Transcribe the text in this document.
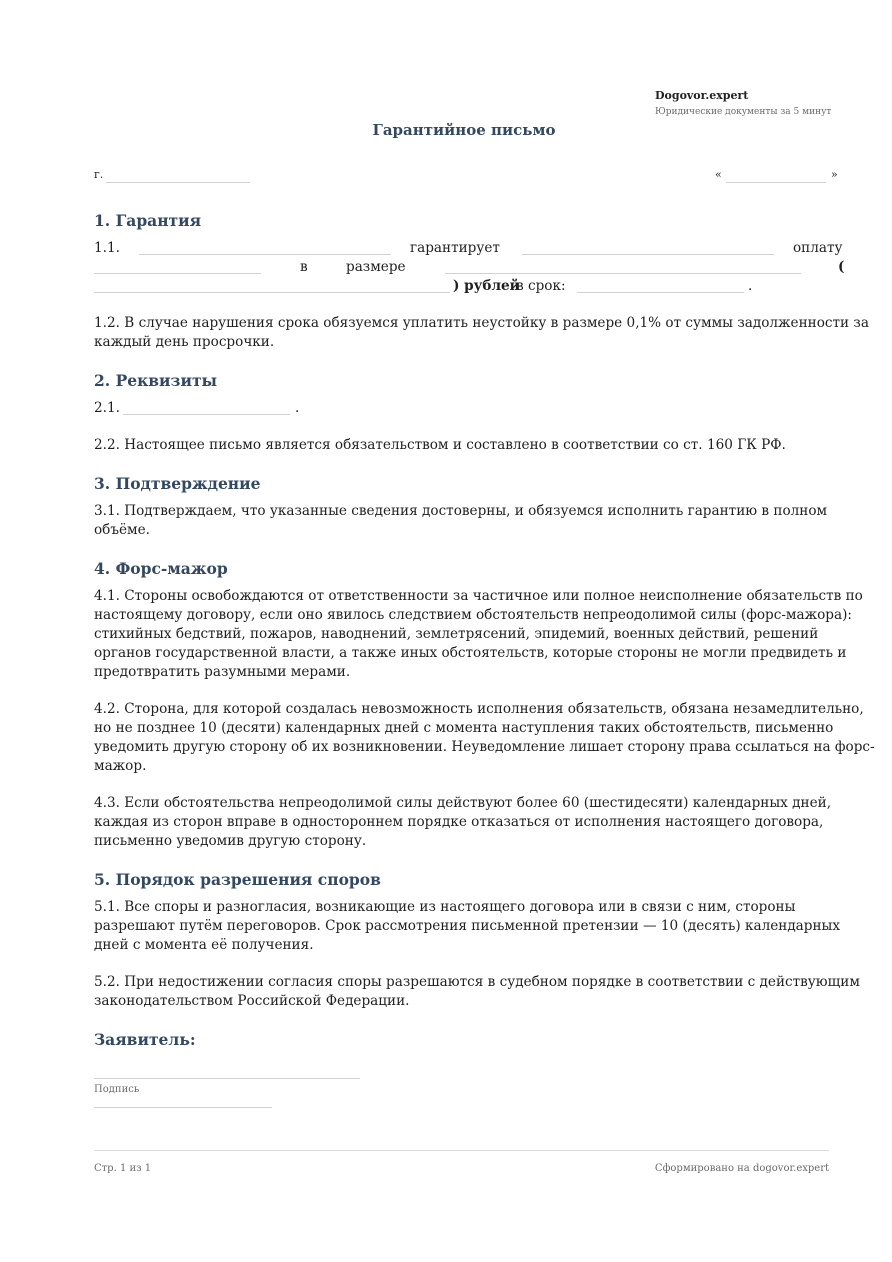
Dogovor.expert
Юридические документы за 5 минут
Гарантийное письмо
г.	«	»
1. Гарантия
1.1.	гарантирует	оплату
в	размере	(
) рублей
в срок:	.

1.2. В случае нарушения срока обязуемся уплатить неустойку в размере 0,1% от суммы задолженности за каждый день просрочки.

2. Реквизиты
2.1.	.

2.2. Настоящее письмо является обязательством и составлено в соответствии со ст. 160 ГК РФ.

3. Подтверждение

3.1. Подтверждаем, что указанные сведения достоверны, и обязуемся исполнить гарантию в полном объёме.

4. Форс-мажор

4.1. Стороны освобождаются от ответственности за частичное или полное неисполнение обязательств по настоящему договору, если оно явилось следствием обстоятельств непреодолимой силы (форс-мажора): стихийных бедствий, пожаров, наводнений, землетрясений, эпидемий, военных действий, решений органов государственной власти, а также иных обстоятельств, которые стороны не могли предвидеть и предотвратить разумными мерами.

4.2. Сторона, для которой создалась невозможность исполнения обязательств, обязана незамедлительно, но не позднее 10 (десяти) календарных дней с момента наступления таких обстоятельств, письменно уведомить другую сторону об их возникновении. Неуведомление лишает сторону права ссылаться на форс-мажор.

4.3. Если обстоятельства непреодолимой силы действуют более 60 (шестидесяти) календарных дней, каждая из сторон вправе в одностороннем порядке отказаться от исполнения настоящего договора, письменно уведомив другую сторону.

5. Порядок разрешения споров

5.1. Все споры и разногласия, возникающие из настоящего договора или в связи с ним, стороны разрешают путём переговоров. Срок рассмотрения письменной претензии — 10 (десять) календарных дней с момента её получения.

5.2. При недостижении согласия споры разрешаются в судебном порядке в соответствии с действующим законодательством Российской Федерации.

Заявитель:
Подпись
Стр. 1 из 1	Сформировано на dogovor.expert
